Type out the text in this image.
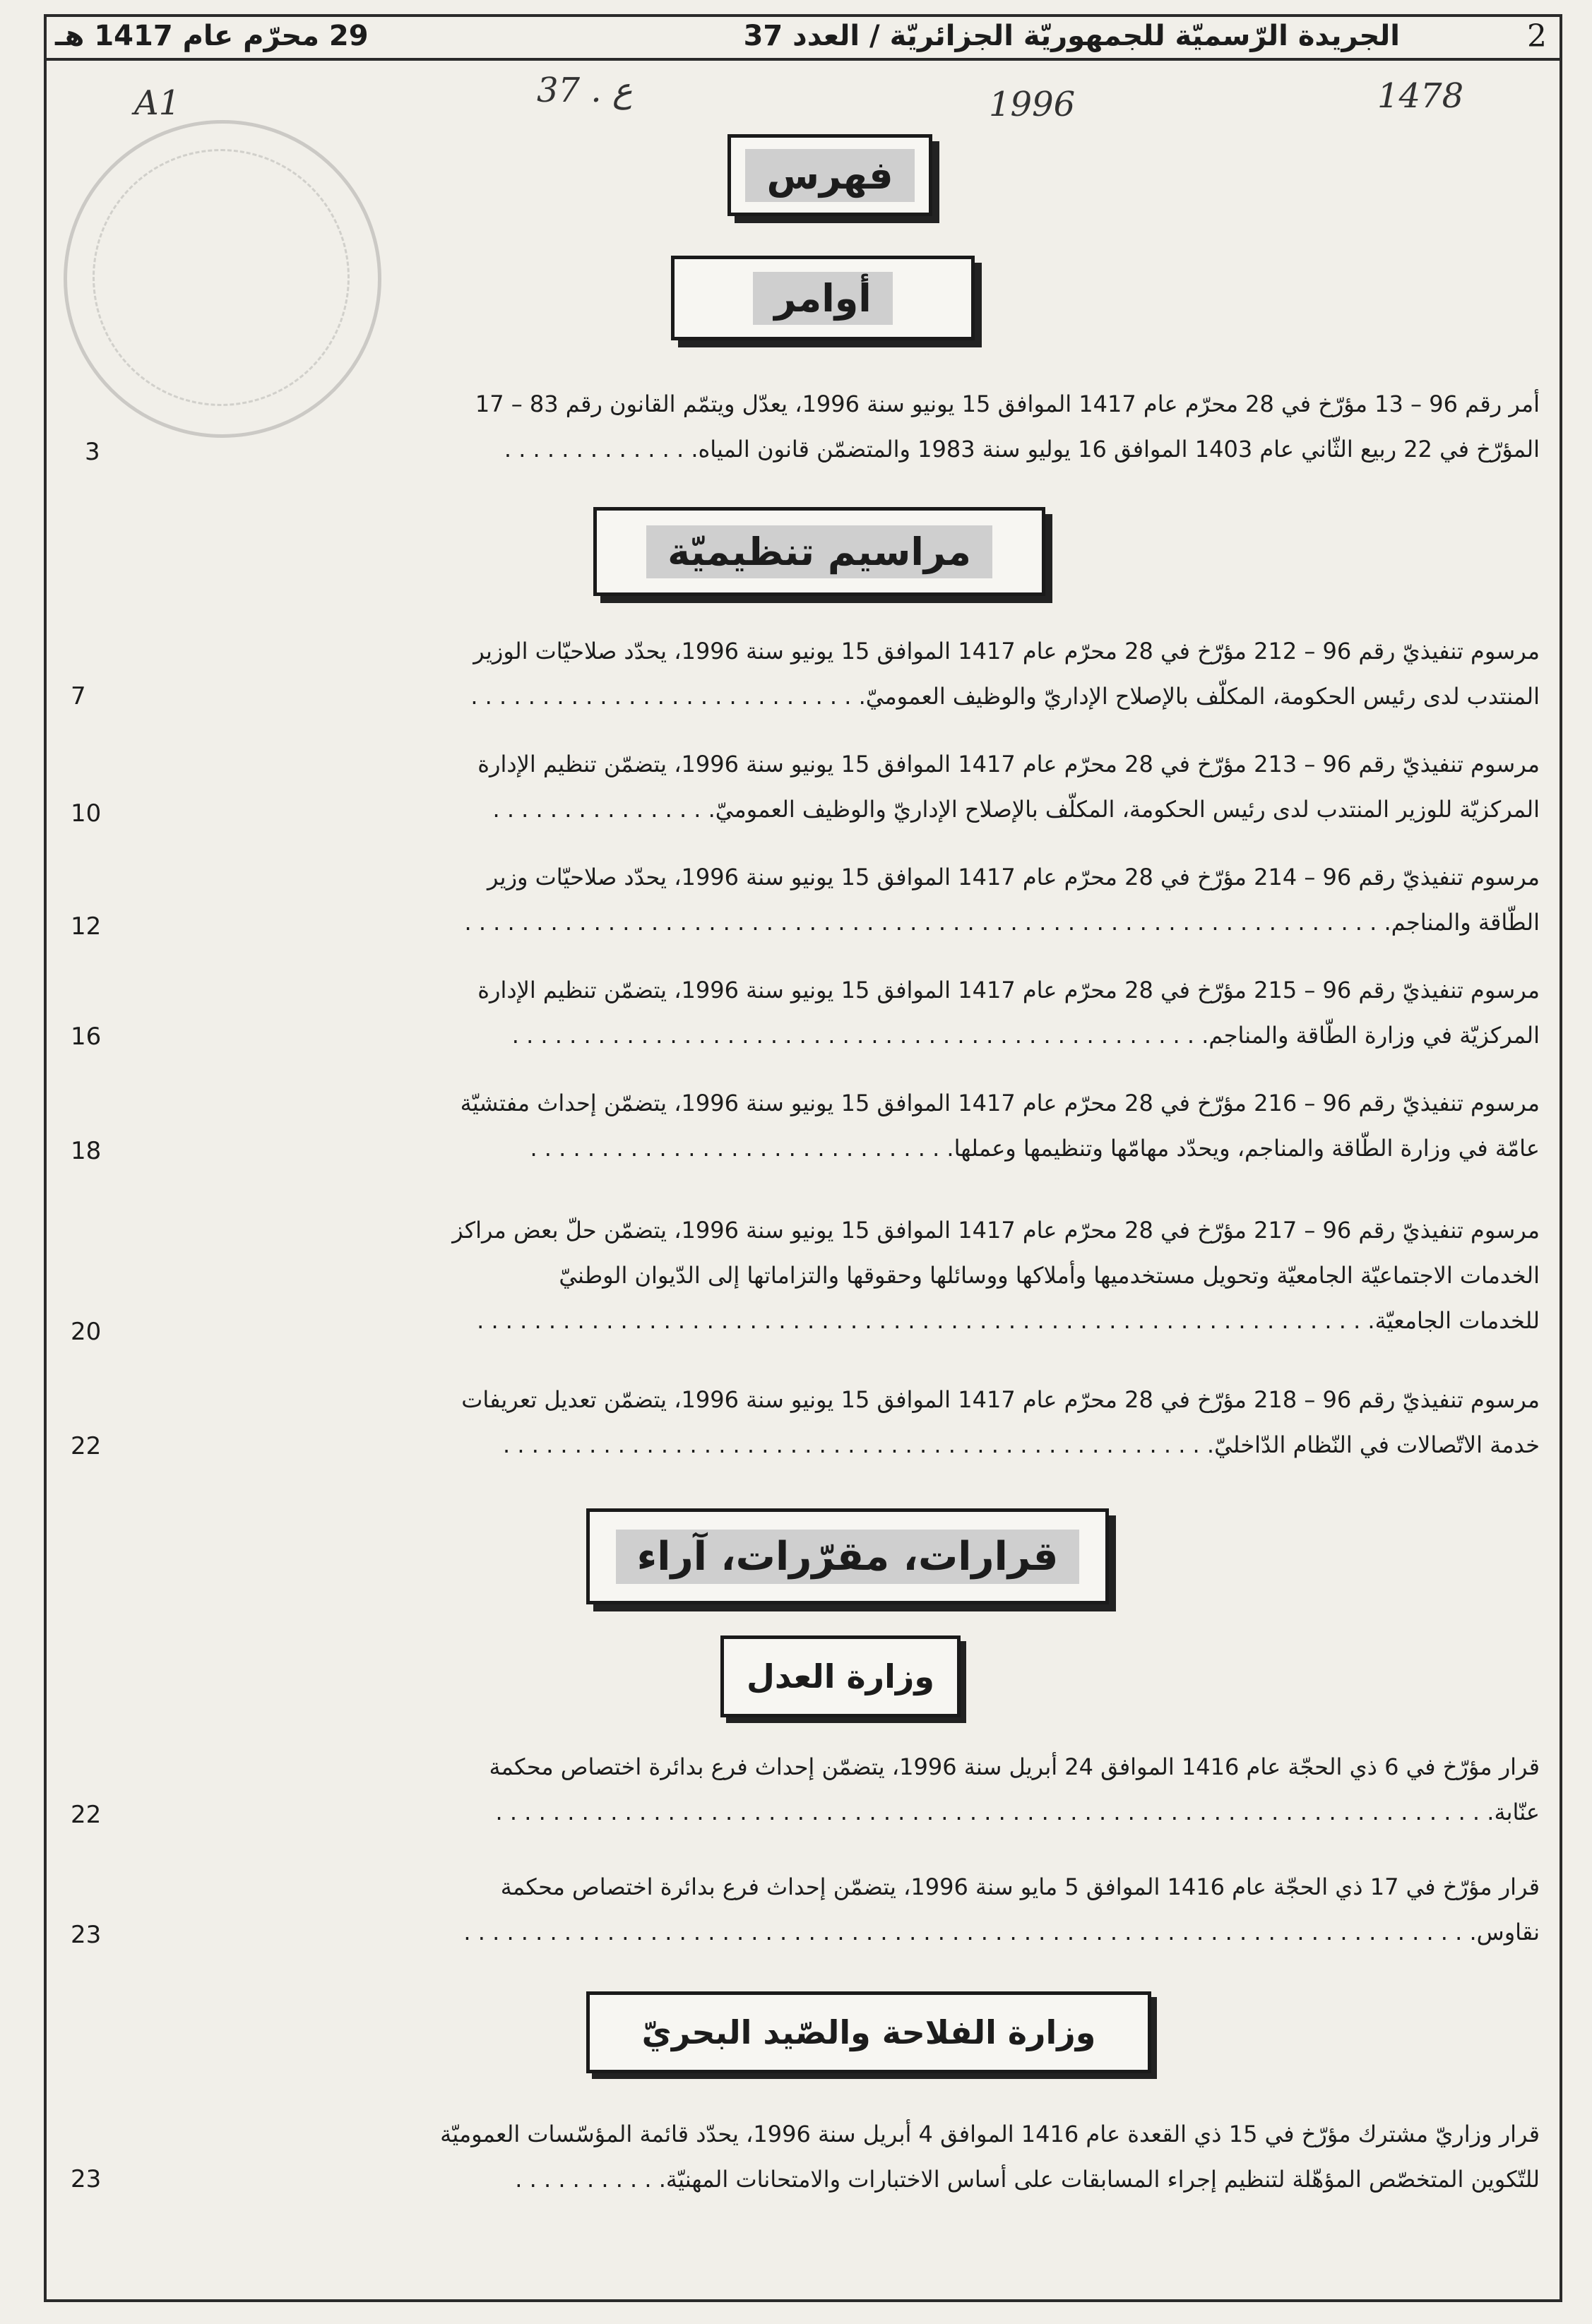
2
الجريدة الرّسميّة للجمهوريّة الجزائريّة / العدد 37
29 محرّم عام 1417 هـ
A1	37 . ع	1996	1478
فهرس
أوامر
أمر رقم 96 – 13 مؤرّخ في 28 محرّم عام 1417 الموافق 15 يونيو سنة 1996، يعدّل ويتمّم القانون رقم 83 – 17
المؤرّخ في 22 ربيع الثّاني عام 1403 الموافق 16 يوليو سنة 1983 والمتضمّن قانون المياه. . . . . . . . . . . . . .
3
مراسيم تنظيميّة
مرسوم تنفيذيّ رقم 96 – 212 مؤرّخ في 28 محرّم عام 1417 الموافق 15 يونيو سنة 1996، يحدّد صلاحيّات الوزير
المنتدب لدى رئيس الحكومة، المكلّف بالإصلاح الإداريّ والوظيف العموميّ. . . . . . . . . . . . . . . . . . . . . . . . . . . .
7
مرسوم تنفيذيّ رقم 96 – 213 مؤرّخ في 28 محرّم عام 1417 الموافق 15 يونيو سنة 1996، يتضمّن تنظيم الإدارة
المركزيّة للوزير المنتدب لدى رئيس الحكومة، المكلّف بالإصلاح الإداريّ والوظيف العموميّ. . . . . . . . . . . . . . . .
10
مرسوم تنفيذيّ رقم 96 – 214 مؤرّخ في 28 محرّم عام 1417 الموافق 15 يونيو سنة 1996، يحدّد صلاحيّات وزير
الطّاقة والمناجم. . . . . . . . . . . . . . . . . . . . . . . . . . . . . . . . . . . . . . . . . . . . . . . . . . . . . . . . . . . . . . . . .
12
مرسوم تنفيذيّ رقم 96 – 215 مؤرّخ في 28 محرّم عام 1417 الموافق 15 يونيو سنة 1996، يتضمّن تنظيم الإدارة
المركزيّة في وزارة الطّاقة والمناجم. . . . . . . . . . . . . . . . . . . . . . . . . . . . . . . . . . . . . . . . . . . . . . . . .
16
مرسوم تنفيذيّ رقم 96 – 216 مؤرّخ في 28 محرّم عام 1417 الموافق 15 يونيو سنة 1996، يتضمّن إحداث مفتشيّة
عامّة في وزارة الطّاقة والمناجم، ويحدّد مهامّها وتنظيمها وعملها. . . . . . . . . . . . . . . . . . . . . . . . . . . . . .
18
مرسوم تنفيذيّ رقم 96 – 217 مؤرّخ في 28 محرّم عام 1417 الموافق 15 يونيو سنة 1996، يتضمّن حلّ بعض مراكز
الخدمات الاجتماعيّة الجامعيّة وتحويل مستخدميها وأملاكها ووسائلها وحقوقها والتزاماتها إلى الدّيوان الوطنيّ
للخدمات الجامعيّة. . . . . . . . . . . . . . . . . . . . . . . . . . . . . . . . . . . . . . . . . . . . . . . . . . . . . . . . . . . . . . .
20
مرسوم تنفيذيّ رقم 96 – 218 مؤرّخ في 28 محرّم عام 1417 الموافق 15 يونيو سنة 1996، يتضمّن تعديل تعريفات
خدمة الاتّصالات في النّظام الدّاخليّ. . . . . . . . . . . . . . . . . . . . . . . . . . . . . . . . . . . . . . . . . . . . . . . . . .
22
قرارات، مقرّرات، آراء
وزارة العدل
قرار مؤرّخ في 6 ذي الحجّة عام 1416 الموافق 24 أبريل سنة 1996، يتضمّن إحداث فرع بدائرة اختصاص محكمة
عنّابة. . . . . . . . . . . . . . . . . . . . . . . . . . . . . . . . . . . . . . . . . . . . . . . . . . . . . . . . . . . . . . . . . . . . . .
22
قرار مؤرّخ في 17 ذي الحجّة عام 1416 الموافق 5 مايو سنة 1996، يتضمّن إحداث فرع بدائرة اختصاص محكمة
نقاوس. . . . . . . . . . . . . . . . . . . . . . . . . . . . . . . . . . . . . . . . . . . . . . . . . . . . . . . . . . . . . . . . . . . . . . .
23
وزارة الفلاحة والصّيد البحريّ
قرار وزاريّ مشترك مؤرّخ في 15 ذي القعدة عام 1416 الموافق 4 أبريل سنة 1996، يحدّد قائمة المؤسّسات العموميّة
للتّكوين المتخصّص المؤهّلة لتنظيم إجراء المسابقات على أساس الاختبارات والامتحانات المهنيّة. . . . . . . . . . .
23
